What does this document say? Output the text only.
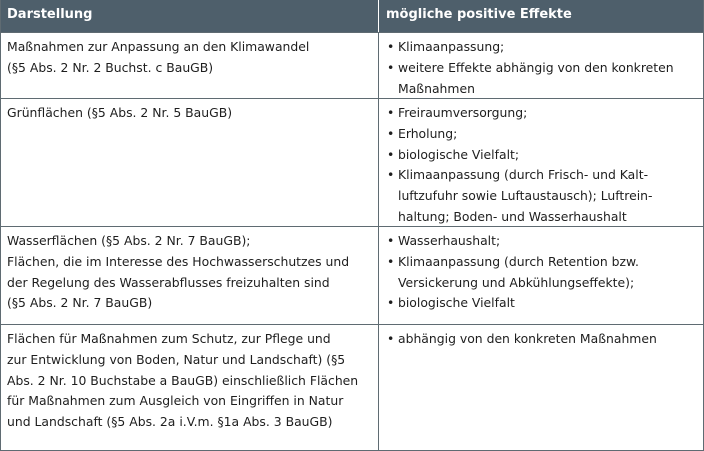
Darstellung	mögliche positive Effekte
Maßnahmen zur Anpassung an den Klimawandel
(§5 Abs. 2 Nr. 2 Buchst. c BauGB)
• Klimaanpassung;
• weitere Effekte abhängig von den konkreten
Maßnahmen
Grünflächen (§5 Abs. 2 Nr. 5 BauGB)	• Freiraumversorgung;
• Erholung;
• biologische Vielfalt;
• Klimaanpassung (durch Frisch- und Kalt-
luftzufuhr sowie Luftaustausch); Luftrein-
haltung; Boden- und Wasserhaushalt
Wasserflächen (§5 Abs. 2 Nr. 7 BauGB);
Flächen, die im Interesse des Hochwasserschutzes und
der Regelung des Wasserabflusses freizuhalten sind
(§5 Abs. 2 Nr. 7 BauGB)
• Wasserhaushalt;
• Klimaanpassung (durch Retention bzw.
Versickerung und Abkühlungseffekte);
• biologische Vielfalt
Flächen für Maßnahmen zum Schutz, zur Pflege und
zur Entwicklung von Boden, Natur und Landschaft) (§5
Abs. 2 Nr. 10 Buchstabe a BauGB) einschließlich Flächen
für Maßnahmen zum Ausgleich von Eingriffen in Natur
und Landschaft (§5 Abs. 2a i.V.m. §1a Abs. 3 BauGB)
• abhängig von den konkreten Maßnahmen
